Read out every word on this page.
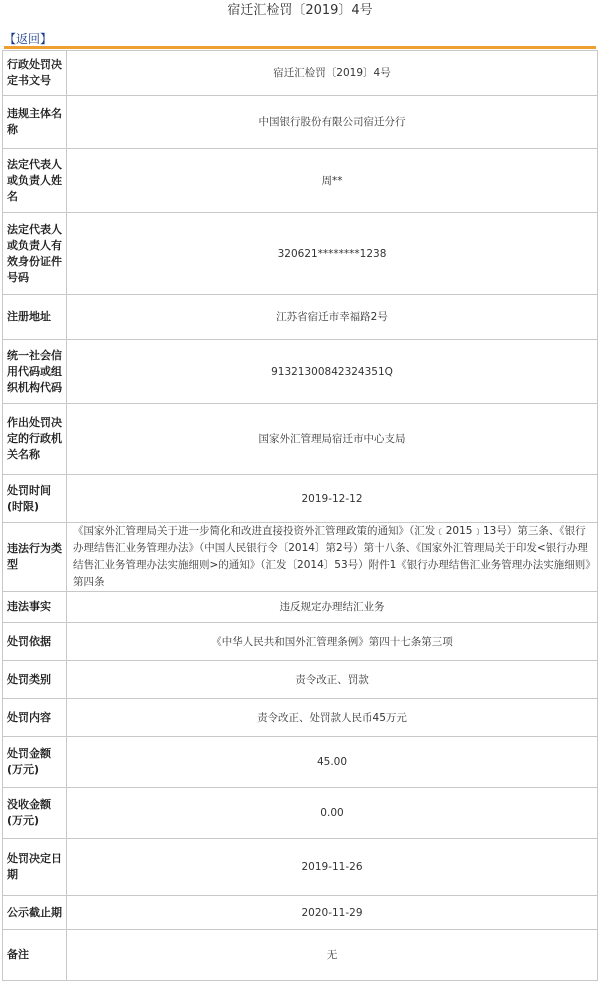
宿迁汇检罚〔2019〕4号
【返回】
行政处罚决定书文号	宿迁汇检罚〔2019〕4号
违规主体名称	中国银行股份有限公司宿迁分行
法定代表人或负责人姓名	周**
法定代表人或负责人有效身份证件号码	320621********1238
注册地址	江苏省宿迁市幸福路2号
统一社会信用代码或组织机构代码	91321300842324351Q
作出处罚决定的行政机关名称	国家外汇管理局宿迁市中心支局
处罚时间(时限)	2019-12-12
违法行为类型	《国家外汇管理局关于进一步简化和改进直接投资外汇管理政策的通知》（汇发﹝2015﹞13号）第三条、《银行办理结售汇业务管理办法》（中国人民银行令〔2014〕第2号）第十八条、《国家外汇管理局关于印发<银行办理结售汇业务管理办法实施细则>的通知》（汇发〔2014〕53号）附件1《银行办理结售汇业务管理办法实施细则》第四条
违法事实	违反规定办理结汇业务
处罚依据	《中华人民共和国外汇管理条例》第四十七条第三项
处罚类别	责令改正、罚款
处罚内容	责令改正、处罚款人民币45万元
处罚金额(万元)	45.00
没收金额(万元)	0.00
处罚决定日期	2019-11-26
公示截止期	2020-11-29
备注	无
